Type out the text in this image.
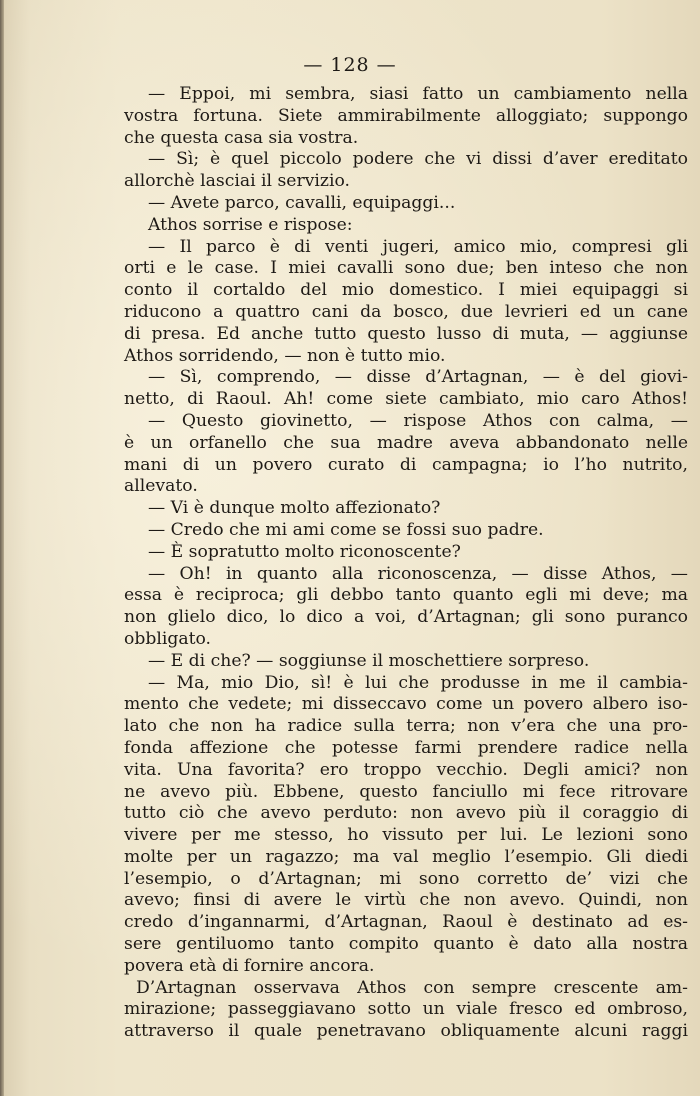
— 128 —
— Eppoi, mi sembra, siasi fatto un cambiamento nella
vostra fortuna. Siete ammirabilmente alloggiato; suppongo
che questa casa sia vostra.
— Sì; è quel piccolo podere che vi dissi d’aver ereditato
allorchè lasciai il servizio.
— Avete parco, cavalli, equipaggi...
Athos sorrise e rispose:
— Il parco è di venti jugeri, amico mio, compresi gli
orti e le case. I miei cavalli sono due; ben inteso che non
conto il cortaldo del mio domestico. I miei equipaggi si
riducono a quattro cani da bosco, due levrieri ed un cane
di presa. Ed anche tutto questo lusso di muta, — aggiunse
Athos sorridendo, — non è tutto mio.
— Sì, comprendo, — disse d’Artagnan, — è del giovi-
netto, di Raoul. Ah! come siete cambiato, mio caro Athos!
— Questo giovinetto, — rispose Athos con calma, —
è un orfanello che sua madre aveva abbandonato nelle
mani di un povero curato di campagna; io l’ho nutrito,
allevato.
— Vi è dunque molto affezionato?
— Credo che mi ami come se fossi suo padre.
— È sopratutto molto riconoscente?
— Oh! in quanto alla riconoscenza, — disse Athos, —
essa è reciproca; gli debbo tanto quanto egli mi deve; ma
non glielo dico, lo dico a voi, d’Artagnan; gli sono puranco
obbligato.
— E di che? — soggiunse il moschettiere sorpreso.
— Ma, mio Dio, sì! è lui che produsse in me il cambia-
mento che vedete; mi disseccavo come un povero albero iso-
lato che non ha radice sulla terra; non v’era che una pro-
fonda affezione che potesse farmi prendere radice nella
vita. Una favorita? ero troppo vecchio. Degli amici? non
ne avevo più. Ebbene, questo fanciullo mi fece ritrovare
tutto ciò che avevo perduto: non avevo più il coraggio di
vivere per me stesso, ho vissuto per lui. Le lezioni sono
molte per un ragazzo; ma val meglio l’esempio. Gli diedi
l’esempio, o d’Artagnan; mi sono corretto de’ vizi che
avevo; finsi di avere le virtù che non avevo. Quindi, non
credo d’ingannarmi, d’Artagnan, Raoul è destinato ad es-
sere gentiluomo tanto compito quanto è dato alla nostra
povera età di fornire ancora.
D’Artagnan osservava Athos con sempre crescente am-
mirazione; passeggiavano sotto un viale fresco ed ombroso,
attraverso il quale penetravano obliquamente alcuni raggi
